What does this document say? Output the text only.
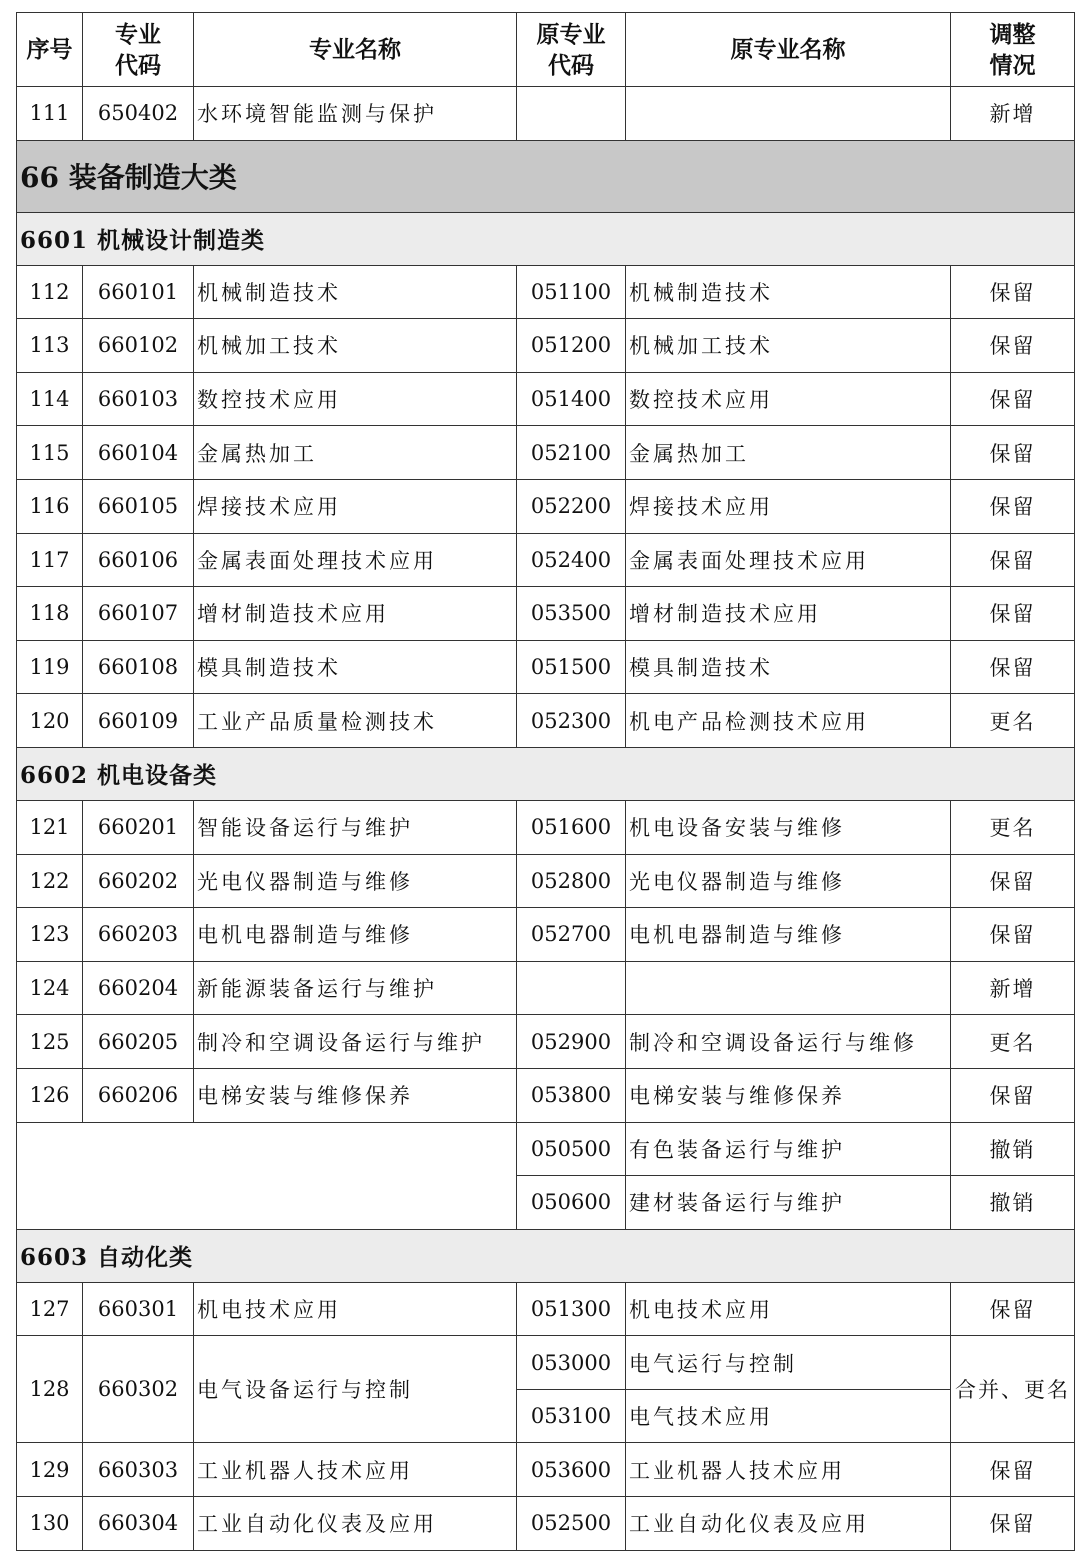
序号	专业代码	专业名称	原专业代码	原专业名称	调整情况

111	650402	水环境智能监测与保护			新增
66 装备制造大类					
6601 机械设计制造类					
112	660101	机械制造技术	051100	机械制造技术	保留
113	660102	机械加工技术	051200	机械加工技术	保留
114	660103	数控技术应用	051400	数控技术应用	保留
115	660104	金属热加工	052100	金属热加工	保留
116	660105	焊接技术应用	052200	焊接技术应用	保留
117	660106	金属表面处理技术应用	052400	金属表面处理技术应用	保留
118	660107	增材制造技术应用	053500	增材制造技术应用	保留
119	660108	模具制造技术	051500	模具制造技术	保留
120	660109	工业产品质量检测技术	052300	机电产品检测技术应用	更名
6602 机电设备类					
121	660201	智能设备运行与维护	051600	机电设备安装与维修	更名
122	660202	光电仪器制造与维修	052800	光电仪器制造与维修	保留
123	660203	电机电器制造与维修	052700	电机电器制造与维修	保留
124	660204	新能源装备运行与维护			新增
125	660205	制冷和空调设备运行与维护	052900	制冷和空调设备运行与维修	更名
126	660206	电梯安装与维修保养	053800	电梯安装与维修保养	保留
			050500	有色装备运行与维护	撤销
			050600	建材装备运行与维护	撤销
6603 自动化类					
127	660301	机电技术应用	051300	机电技术应用	保留
128	660302	电气设备运行与控制	053000	电气运行与控制	合并、更名
			053100	电气技术应用	
129	660303	工业机器人技术应用	053600	工业机器人技术应用	保留
130	660304	工业自动化仪表及应用	052500	工业自动化仪表及应用	保留
